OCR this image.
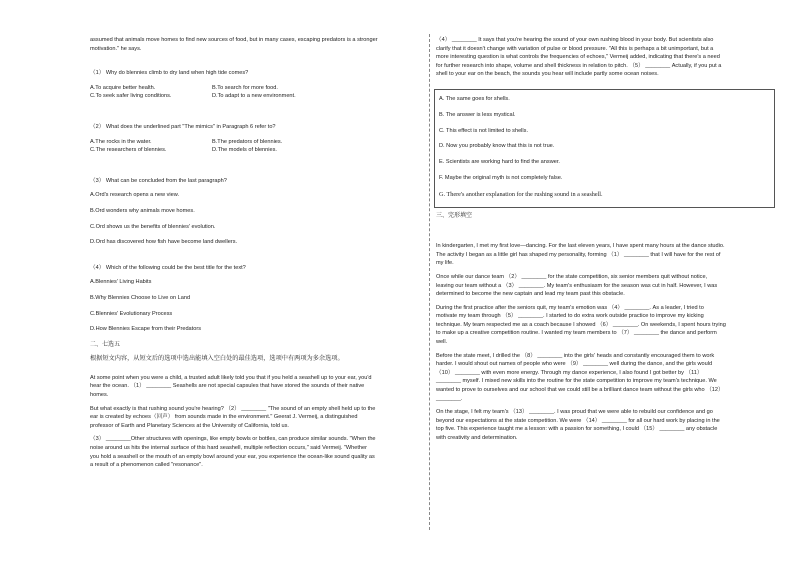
assumed that animals move homes to find new sources of food, but in many cases, escaping predators is a stronger
motivation." he says.
（1） Why do blennies climb to dry land when high tide comes?
A.To acquire better health.	B.To search for more food.
C.To seek safer living conditions.	D.To adapt to a new environment.
（2） What does the underlined part "The mimics" in Paragraph 6 refer to?
A.The rocks in the water.	B.The predators of blennies.
C.The researchers of blennies.	D.The models of blennies.
（3） What can be concluded from the last paragraph?
A.Ord's research opens a new view.
B.Ord wonders why animals move homes.
C.Ord shows us the benefits of blennies' evolution.
D.Ord has discovered how fish have become land dwellers.
（4） Which of the following could be the best title for the text?
A.Blennies' Living Habits
B.Why Blennies Choose to Live on Land
C.Blennies' Evolutionary Process
D.How Blennies Escape from their Predators
二、七选五
根据短文内容，从短文后的选项中选出能填入空白处的最佳选项，选项中有两项为多余选项。
At some point when you were a child, a trusted adult likely told you that if you held a seashell up to your ear, you'd
hear the ocean. （1） ________ Seashells are not special capsules that have stored the sounds of their native
homes.
But what exactly is that rushing sound you're hearing? （2） ________ "The sound of an empty shell held up to the
ear is created by echoes（回声） from sounds made in the environment." Geerat J. Vermeij, a distinguished
professor of Earth and Planetary Sciences at the University of California, told us.
（3） ________Other structures with openings, like empty bowls or bottles, can produce similar sounds. "When the
noise around us hits the internal surface of this hard seashell, multiple reflection occurs," said Vermeij. "Whether
you hold a seashell or the mouth of an empty bowl around your ear, you experience the ocean-like sound quality as
a result of a phenomenon called "resonance".
（4） ________ It says that you're hearing the sound of your own rushing blood in your body. But scientists also
clarify that it doesn't change with variation of pulse or blood pressure. "All this is perhaps a bit unimportant, but a
more interesting question is what controls the frequencies of echoes," Vermeij added, indicating that there's a need
for further research into shape, volume and shell thickness in relation to pitch. （5） ________ Actually, if you put a
shell to your ear on the beach, the sounds you hear will include partly some ocean noises.
A. The same goes for shells.
B. The answer is less mystical.
C. This effect is not limited to shells.
D. Now you probably know that this is not true.
E. Scientists are working hard to find the answer.
F. Maybe the original myth is not completely false.
G. There's another explanation for the rushing sound in a seashell.
三、完形填空
In kindergarten, I met my first love—dancing. For the last eleven years, I have spent many hours at the dance studio.
The activity I began as a little girl has shaped my personality, forming （1） ________ that I will have for the rest of
my life.
Once while our dance team （2） ________ for the state competition, six senior members quit without notice,
leaving our team without a （3） ________. My team's enthusiasm for the season was cut in half. However, I was
determined to become the new captain and lead my team past this obstacle.
During the first practice after the seniors quit, my team's emotion was （4） ________. As a leader, I tried to
motivate my team through （5） ________. I started to do extra work outside practice to improve my kicking
technique. My team respected me as a coach because I showed （6） ________. On weekends, I spent hours trying
to make up a creative competition routine. I wanted my team members to （7） ________ the dance and perform
well.
Before the state meet, I drilled the （8） ________ into the girls' heads and constantly encouraged them to work
harder. I would shout out names of people who were （9） ________ well during the dance, and the girls would
（10） ________ with even more energy. Through my dance experience, I also found I got better by （11）
________ myself. I mixed new skills into the routine for the state competition to improve my team's technique. We
wanted to prove to ourselves and our school that we could still be a brilliant dance team without the girls who （12）
________.
On the stage, I felt my team's （13） ________. I was proud that we were able to rebuild our confidence and go
beyond our expectations at the state competition. We were （14） ________ for all our hard work by placing in the
top five. This experience taught me a lesson: with a passion for something, I could （15） ________ any obstacle
with creativity and determination.
